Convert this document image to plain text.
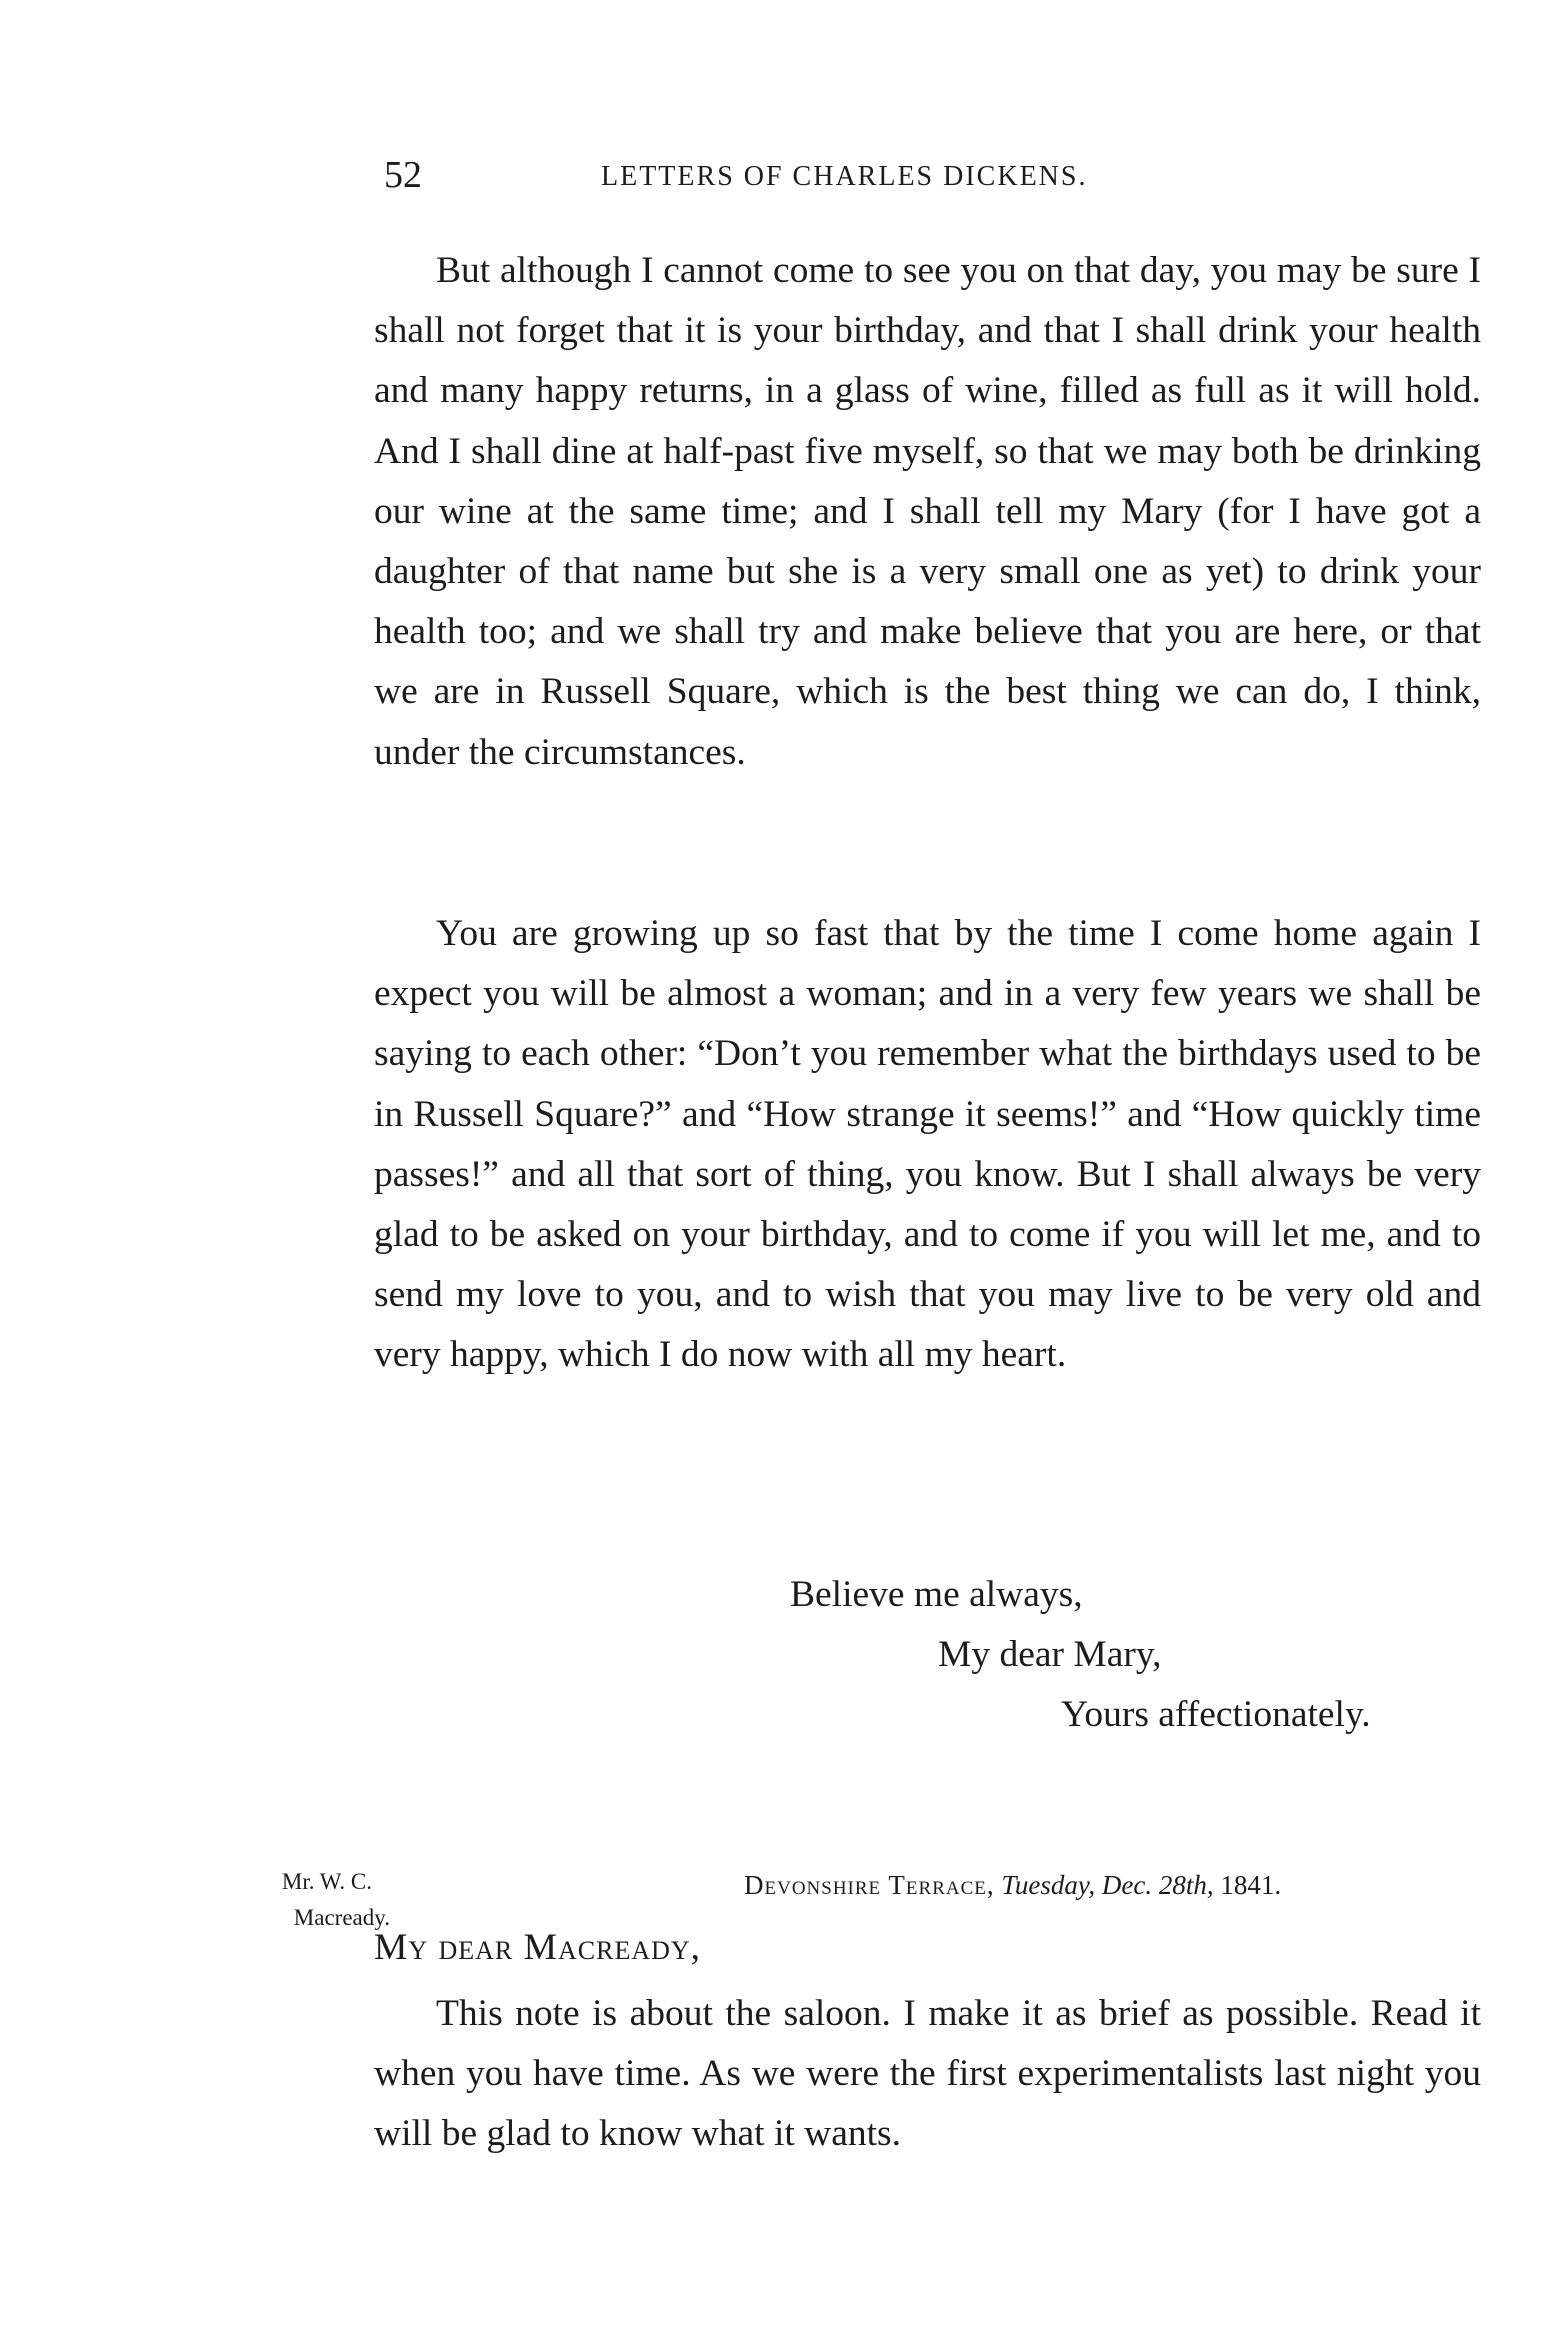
52	LETTERS OF CHARLES DICKENS.

But although I cannot come to see you on that day, you may be sure I shall not forget that it is your birthday, and that I shall drink your health and many happy returns, in a glass of wine, filled as full as it will hold. And I shall dine at half-past five myself, so that we may both be drinking our wine at the same time; and I shall tell my Mary (for I have got a daughter of that name but she is a very small one as yet) to drink your health too; and we shall try and make believe that you are here, or that we are in Russell Square, which is the best thing we can do, I think, under the circumstances.

You are growing up so fast that by the time I come home again I expect you will be almost a woman; and in a very few years we shall be saying to each other: “Don’t you remember what the birthdays used to be in Russell Square?” and “How strange it seems!” and “How quickly time passes!” and all that sort of thing, you know. But I shall always be very glad to be asked on your birthday, and to come if you will let me, and to send my love to you, and to wish that you may live to be very old and very happy, which I do now with all my heart.

Believe me always,
My dear Mary,
Yours affectionately.
Mr. W. C.
Macready.
Devonshire Terrace, Tuesday, Dec. 28th, 1841.
My dear Macready,

This note is about the saloon. I make it as brief as possible. Read it when you have time. As we were the first experimentalists last night you will be glad to know what it wants.
